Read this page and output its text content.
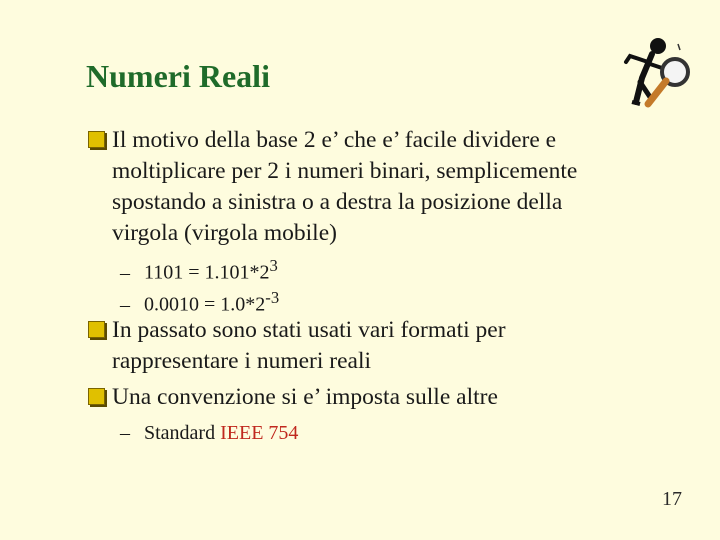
Numeri Reali
Il motivo della base 2 e’ che e’ facile dividere e
moltiplicare per 2 i numeri binari, semplicemente
spostando a sinistra o a destra la posizione della
virgola (virgola mobile)
– $1101 = 1.101*2^3$
– $0.0010 = 1.0*2^{-3}$
In passato sono stati usati vari formati per
rappresentare i numeri reali
Una convenzione si e’ imposta sulle altre
– Standard IEEE 754
17
